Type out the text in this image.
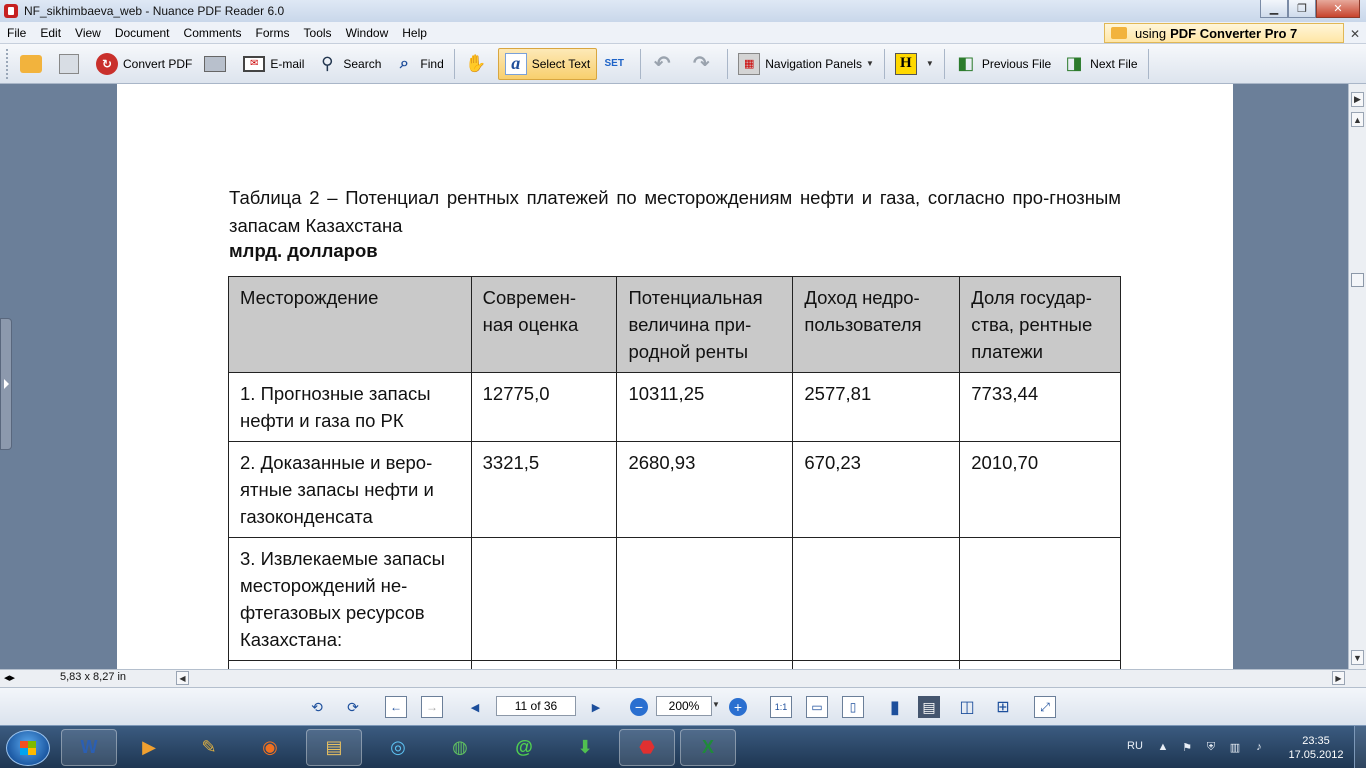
NF_sikhimbaeva_web - Nuance PDF Reader 6.0	▁	❐	✕
File	Edit	View	Document	Comments	Forms	Tools	Window	Help	using PDF Converter Pro 7	✕
↻ Convert PDF	✉ E-mail ⚲ Search	⌕ Find ✋	a Select Text SET ↶ ↷	▦ Navigation Panels ▼	H	▼ ◧ Previous File ◨ Next File
Таблица 2 – Потенциал рентных платежей по месторождениям нефти и газа, согласно про-гнозным запасам Казахстана
млрд. долларов
Месторождение	Современ-ная оценка	Потенциальная величина при-родной ренты	Доход недро-пользователя	Доля государ-ства, рентные платежи
1. Прогнозные запасы нефти и газа по РК	12775,0	10311,25	2577,81	7733,44
2. Доказанные и веро-ятные запасы нефти и газоконденсата	3321,5	2680,93	670,23	2010,70
3. Извлекаемые запасы месторождений не-фтегазовых ресурсов Казахстана:				

▶
▲
▼
◂▸	5,83 x 8,27 in	◀	▶
⟲	⟳	←	→	◀	▶	−	+	1:1	▭	▯	▮	▤ ◫ ⊞	⤢
11 of 36	200%	▼
W	▶	✎	◉	▤	◎	◍	@	⬇	⬣	X	RU ▲ ⚑ ⛨ ▥	♪	23:35
17.05.2012
